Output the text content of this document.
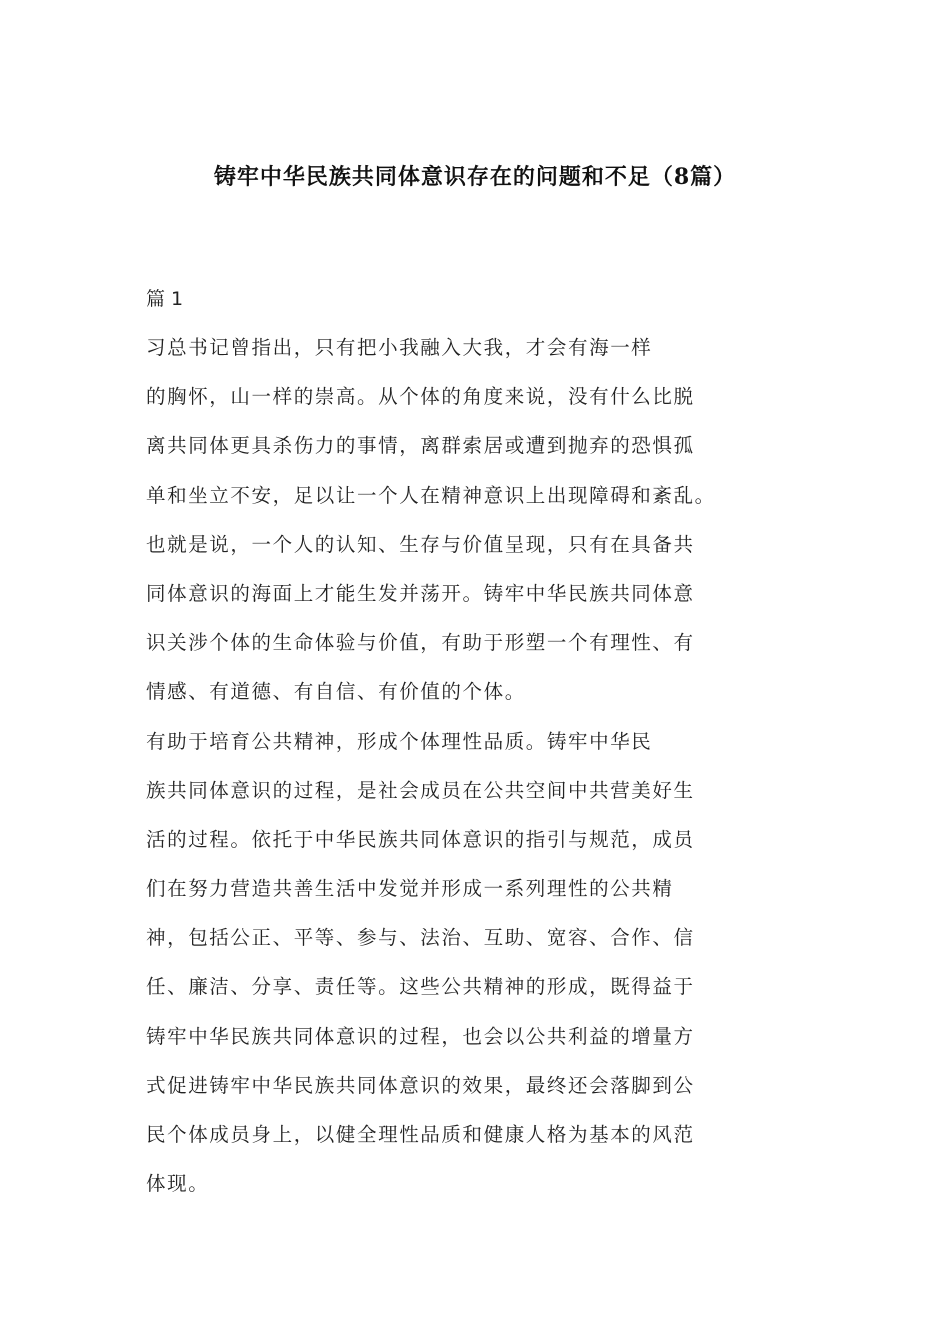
铸牢中华民族共同体意识存在的问题和不足（8篇）
篇 1
习总书记曾指出，只有把小我融入大我，才会有海一样
的胸怀，山一样的崇高。从个体的角度来说，没有什么比脱
离共同体更具杀伤力的事情，离群索居或遭到抛弃的恐惧孤
单和坐立不安，足以让一个人在精神意识上出现障碍和紊乱。
也就是说，一个人的认知、生存与价值呈现，只有在具备共
同体意识的海面上才能生发并荡开。铸牢中华民族共同体意
识关涉个体的生命体验与价值，有助于形塑一个有理性、有
情感、有道德、有自信、有价值的个体。
有助于培育公共精神，形成个体理性品质。铸牢中华民
族共同体意识的过程，是社会成员在公共空间中共营美好生
活的过程。依托于中华民族共同体意识的指引与规范，成员
们在努力营造共善生活中发觉并形成一系列理性的公共精
神，包括公正、平等、参与、法治、互助、宽容、合作、信
任、廉洁、分享、责任等。这些公共精神的形成，既得益于
铸牢中华民族共同体意识的过程，也会以公共利益的增量方
式促进铸牢中华民族共同体意识的效果，最终还会落脚到公
民个体成员身上，以健全理性品质和健康人格为基本的风范
体现。
